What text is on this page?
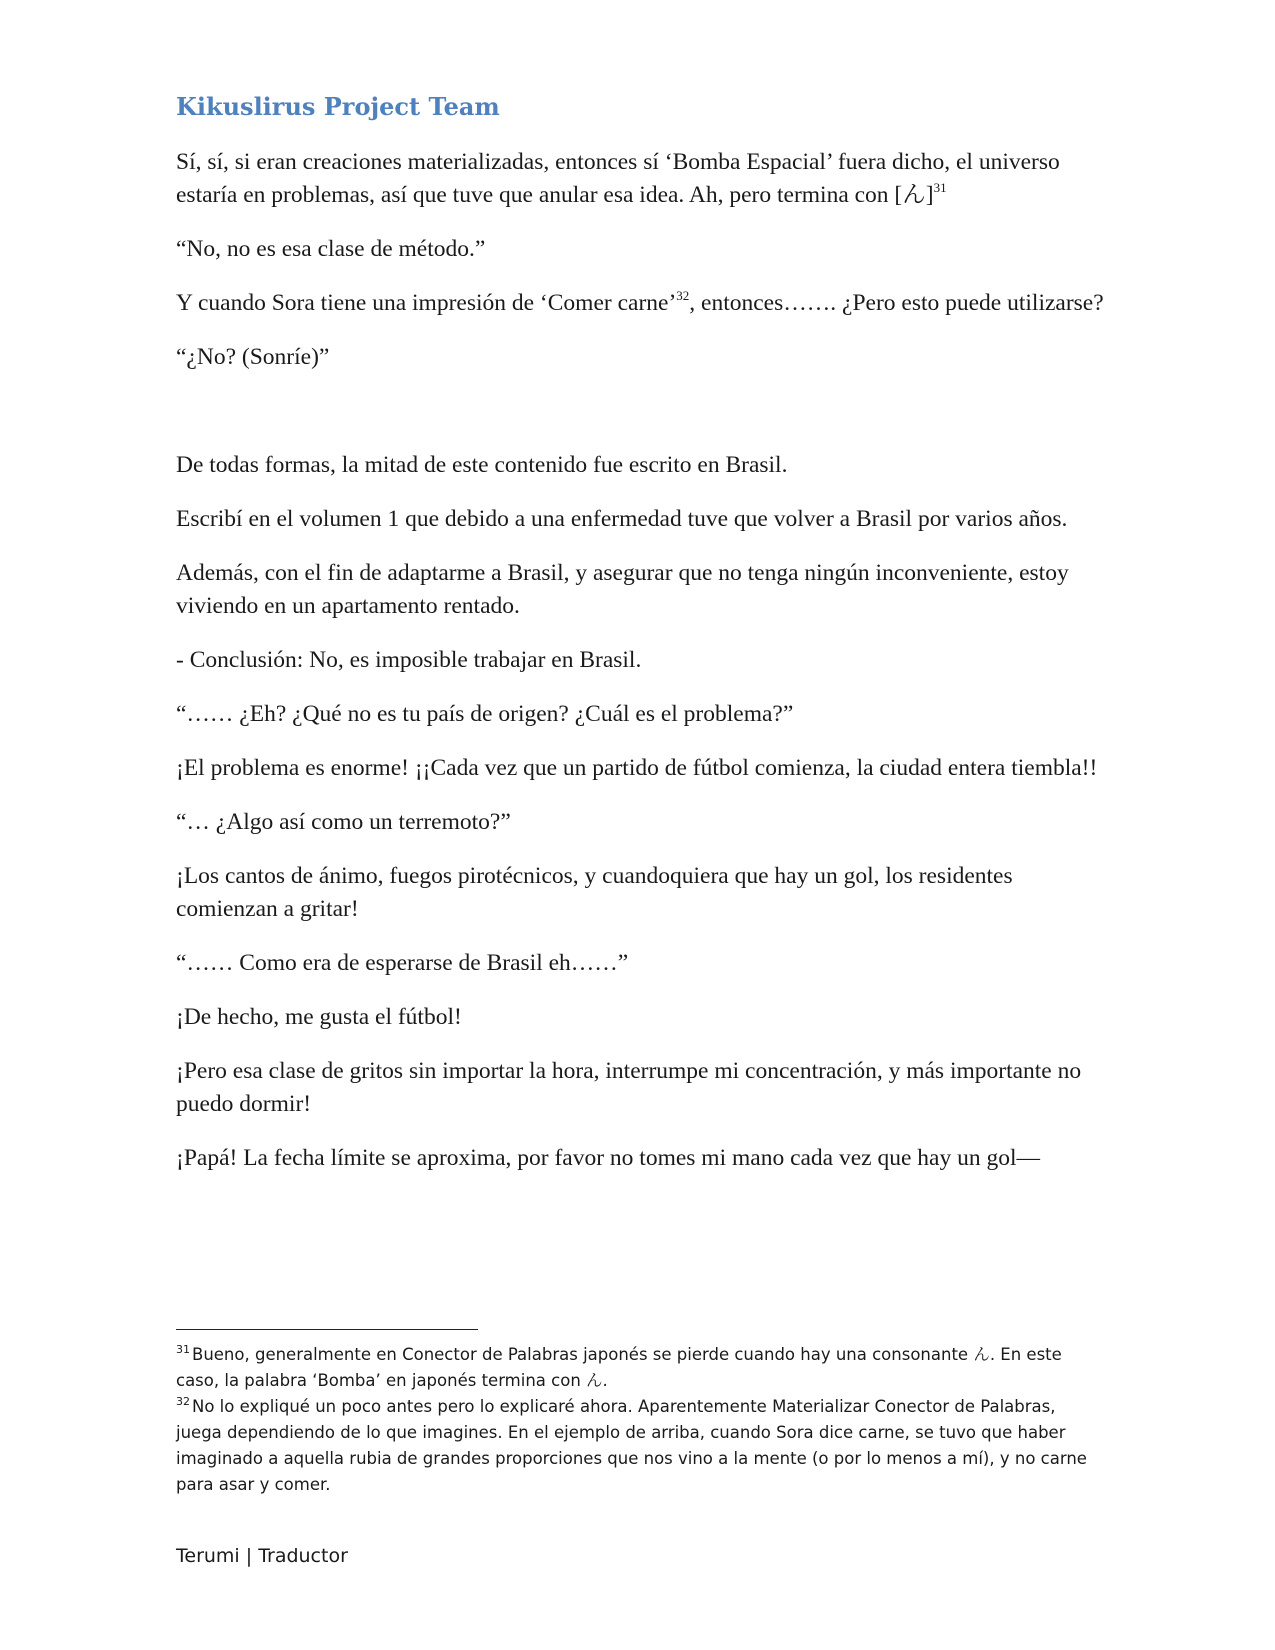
Kikuslirus Project Team

Sí, sí, si eran creaciones materializadas, entonces sí ‘Bomba Espacial’ fuera dicho, el universo estaría en problemas, así que tuve que anular esa idea. Ah, pero termina con [ん]$^{31}$

“No, no es esa clase de método.”

Y cuando Sora tiene una impresión de ‘Comer carne’$^{32}$, entonces……. ¿Pero esto puede utilizarse?

“¿No? (Sonríe)”

De todas formas, la mitad de este contenido fue escrito en Brasil.

Escribí en el volumen 1 que debido a una enfermedad tuve que volver a Brasil por varios años.

Además, con el fin de adaptarme a Brasil, y asegurar que no tenga ningún inconveniente, estoy viviendo en un apartamento rentado.

- Conclusión: No, es imposible trabajar en Brasil.

“…… ¿Eh? ¿Qué no es tu país de origen? ¿Cuál es el problema?”

¡El problema es enorme! ¡¡Cada vez que un partido de fútbol comienza, la ciudad entera tiembla!!

“… ¿Algo así como un terremoto?”

¡Los cantos de ánimo, fuegos pirotécnicos, y cuandoquiera que hay un gol, los residentes comienzan a gritar!

“…… Como era de esperarse de Brasil eh……”

¡De hecho, me gusta el fútbol!

¡Pero esa clase de gritos sin importar la hora, interrumpe mi concentración, y más importante no puedo dormir!

¡Papá! La fecha límite se aproxima, por favor no tomes mi mano cada vez que hay un gol—

$^{31}$ Bueno, generalmente en Conector de Palabras japonés se pierde cuando hay una consonante ん. En este caso, la palabra ‘Bomba’ en japonés termina con ん.

$^{32}$ No lo expliqué un poco antes pero lo explicaré ahora. Aparentemente Materializar Conector de Palabras, juega dependiendo de lo que imagines. En el ejemplo de arriba, cuando Sora dice carne, se tuvo que haber imaginado a aquella rubia de grandes proporciones que nos vino a la mente (o por lo menos a mí), y no carne para asar y comer.

Terumi | Traductor
